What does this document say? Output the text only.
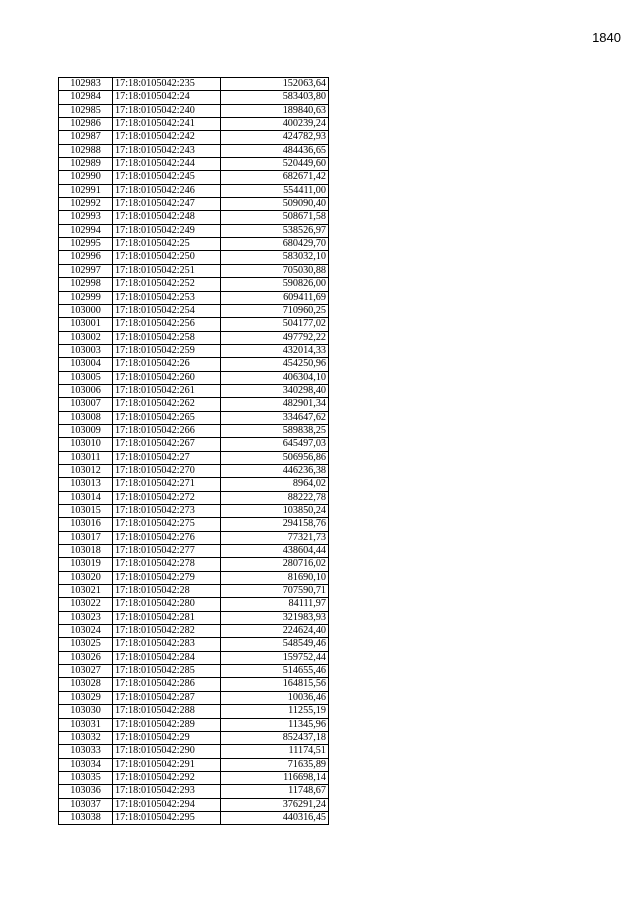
1840
102983	17:18:0105042:235	152063,64
102984	17:18:0105042:24	583403,80
102985	17:18:0105042:240	189840,63
102986	17:18:0105042:241	400239,24
102987	17:18:0105042:242	424782,93
102988	17:18:0105042:243	484436,65
102989	17:18:0105042:244	520449,60
102990	17:18:0105042:245	682671,42
102991	17:18:0105042:246	554411,00
102992	17:18:0105042:247	509090,40
102993	17:18:0105042:248	508671,58
102994	17:18:0105042:249	538526,97
102995	17:18:0105042:25	680429,70
102996	17:18:0105042:250	583032,10
102997	17:18:0105042:251	705030,88
102998	17:18:0105042:252	590826,00
102999	17:18:0105042:253	609411,69
103000	17:18:0105042:254	710960,25
103001	17:18:0105042:256	504177,02
103002	17:18:0105042:258	497792,22
103003	17:18:0105042:259	432014,33
103004	17:18:0105042:26	454250,96
103005	17:18:0105042:260	406304,10
103006	17:18:0105042:261	340298,40
103007	17:18:0105042:262	482901,34
103008	17:18:0105042:265	334647,62
103009	17:18:0105042:266	589838,25
103010	17:18:0105042:267	645497,03
103011	17:18:0105042:27	506956,86
103012	17:18:0105042:270	446236,38
103013	17:18:0105042:271	8964,02
103014	17:18:0105042:272	88222,78
103015	17:18:0105042:273	103850,24
103016	17:18:0105042:275	294158,76
103017	17:18:0105042:276	77321,73
103018	17:18:0105042:277	438604,44
103019	17:18:0105042:278	280716,02
103020	17:18:0105042:279	81690,10
103021	17:18:0105042:28	707590,71
103022	17:18:0105042:280	84111,97
103023	17:18:0105042:281	321983,93
103024	17:18:0105042:282	224624,40
103025	17:18:0105042:283	548549,46
103026	17:18:0105042:284	159752,44
103027	17:18:0105042:285	514655,46
103028	17:18:0105042:286	164815,56
103029	17:18:0105042:287	10036,46
103030	17:18:0105042:288	11255,19
103031	17:18:0105042:289	11345,96
103032	17:18:0105042:29	852437,18
103033	17:18:0105042:290	11174,51
103034	17:18:0105042:291	71635,89
103035	17:18:0105042:292	116698,14
103036	17:18:0105042:293	11748,67
103037	17:18:0105042:294	376291,24
103038	17:18:0105042:295	440316,45
